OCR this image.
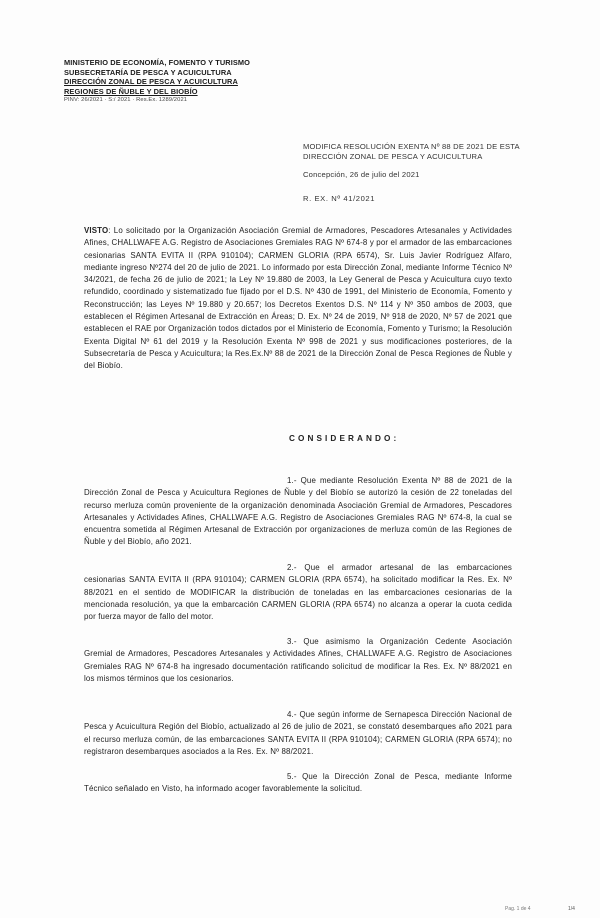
MINISTERIO DE ECONOMÍA, FOMENTO Y TURISMO
SUBSECRETARÍA DE PESCA Y ACUICULTURA
DIRECCIÓN ZONAL DE PESCA Y ACUICULTURA
REGIONES DE ÑUBLE Y DEL BIOBÍO
PINV: 26/2021 · S:/ 2021 · Res.Ex. 1289/2021
MODIFICA RESOLUCIÓN EXENTA Nº 88 DE 2021 DE ESTA DIRECCIÓN ZONAL DE PESCA Y ACUICULTURA
Concepción, 26 de julio del 2021
R. EX. Nº 41/2021
VISTO: Lo solicitado por la Organización Asociación Gremial de Armadores, Pescadores Artesanales y Actividades Afines, CHALLWAFE A.G. Registro de Asociaciones Gremiales RAG Nº 674-8 y por el armador de las embarcaciones cesionarias SANTA EVITA II (RPA 910104); CARMEN GLORIA (RPA 6574), Sr. Luis Javier Rodríguez Alfaro, mediante ingreso Nº274 del 20 de julio de 2021. Lo informado por esta Dirección Zonal, mediante Informe Técnico Nº 34/2021, de fecha 26 de julio de 2021; la Ley Nº 19.880 de 2003, la Ley General de Pesca y Acuicultura cuyo texto refundido, coordinado y sistematizado fue fijado por el D.S. Nº 430 de 1991, del Ministerio de Economía, Fomento y Reconstrucción; las Leyes Nº 19.880 y 20.657; los Decretos Exentos D.S. Nº 114 y Nº 350 ambos de 2003, que establecen el Régimen Artesanal de Extracción en Áreas; D. Ex. Nº 24 de 2019, Nº 918 de 2020, Nº 57 de 2021 que establecen el RAE por Organización todos dictados por el Ministerio de Economía, Fomento y Turismo; la Resolución Exenta Digital Nº 61 del 2019 y la Resolución Exenta Nº 998 de 2021 y sus modificaciones posteriores, de la Subsecretaría de Pesca y Acuicultura; la Res.Ex.Nº 88 de 2021 de la Dirección Zonal de Pesca Regiones de Ñuble y del Biobío.
CONSIDERANDO:
1.- Que mediante Resolución Exenta Nº 88 de 2021 de la Dirección Zonal de Pesca y Acuicultura Regiones de Ñuble y del Biobío se autorizó la cesión de 22 toneladas del recurso merluza común proveniente de la organización denominada Asociación Gremial de Armadores, Pescadores Artesanales y Actividades Afines, CHALLWAFE A.G. Registro de Asociaciones Gremiales RAG Nº 674-8, la cual se encuentra sometida al Régimen Artesanal de Extracción por organizaciones de merluza común de las Regiones de Ñuble y del Biobío, año 2021.
2.- Que el armador artesanal de las embarcaciones cesionarias SANTA EVITA II (RPA 910104); CARMEN GLORIA (RPA 6574), ha solicitado modificar la Res. Ex. Nº 88/2021 en el sentido de MODIFICAR la distribución de toneladas en las embarcaciones cesionarias de la mencionada resolución, ya que la embarcación CARMEN GLORIA (RPA 6574) no alcanza a operar la cuota cedida por fuerza mayor de fallo del motor.
3.- Que asimismo la Organización Cedente Asociación Gremial de Armadores, Pescadores Artesanales y Actividades Afines, CHALLWAFE A.G. Registro de Asociaciones Gremiales RAG Nº 674-8 ha ingresado documentación ratificando solicitud de modificar la Res. Ex. Nº 88/2021 en los mismos términos que los cesionarios.
4.- Que según informe de Sernapesca Dirección Nacional de Pesca y Acuicultura Región del Biobío, actualizado al 26 de julio de 2021, se constató desembarques año 2021 para el recurso merluza común, de las embarcaciones SANTA EVITA II (RPA 910104); CARMEN GLORIA (RPA 6574); no registraron desembarques asociados a la Res. Ex. Nº 88/2021.
5.- Que la Dirección Zonal de Pesca, mediante Informe Técnico señalado en Visto, ha informado acoger favorablemente la solicitud.
Pag. 1 de 4	1/4
